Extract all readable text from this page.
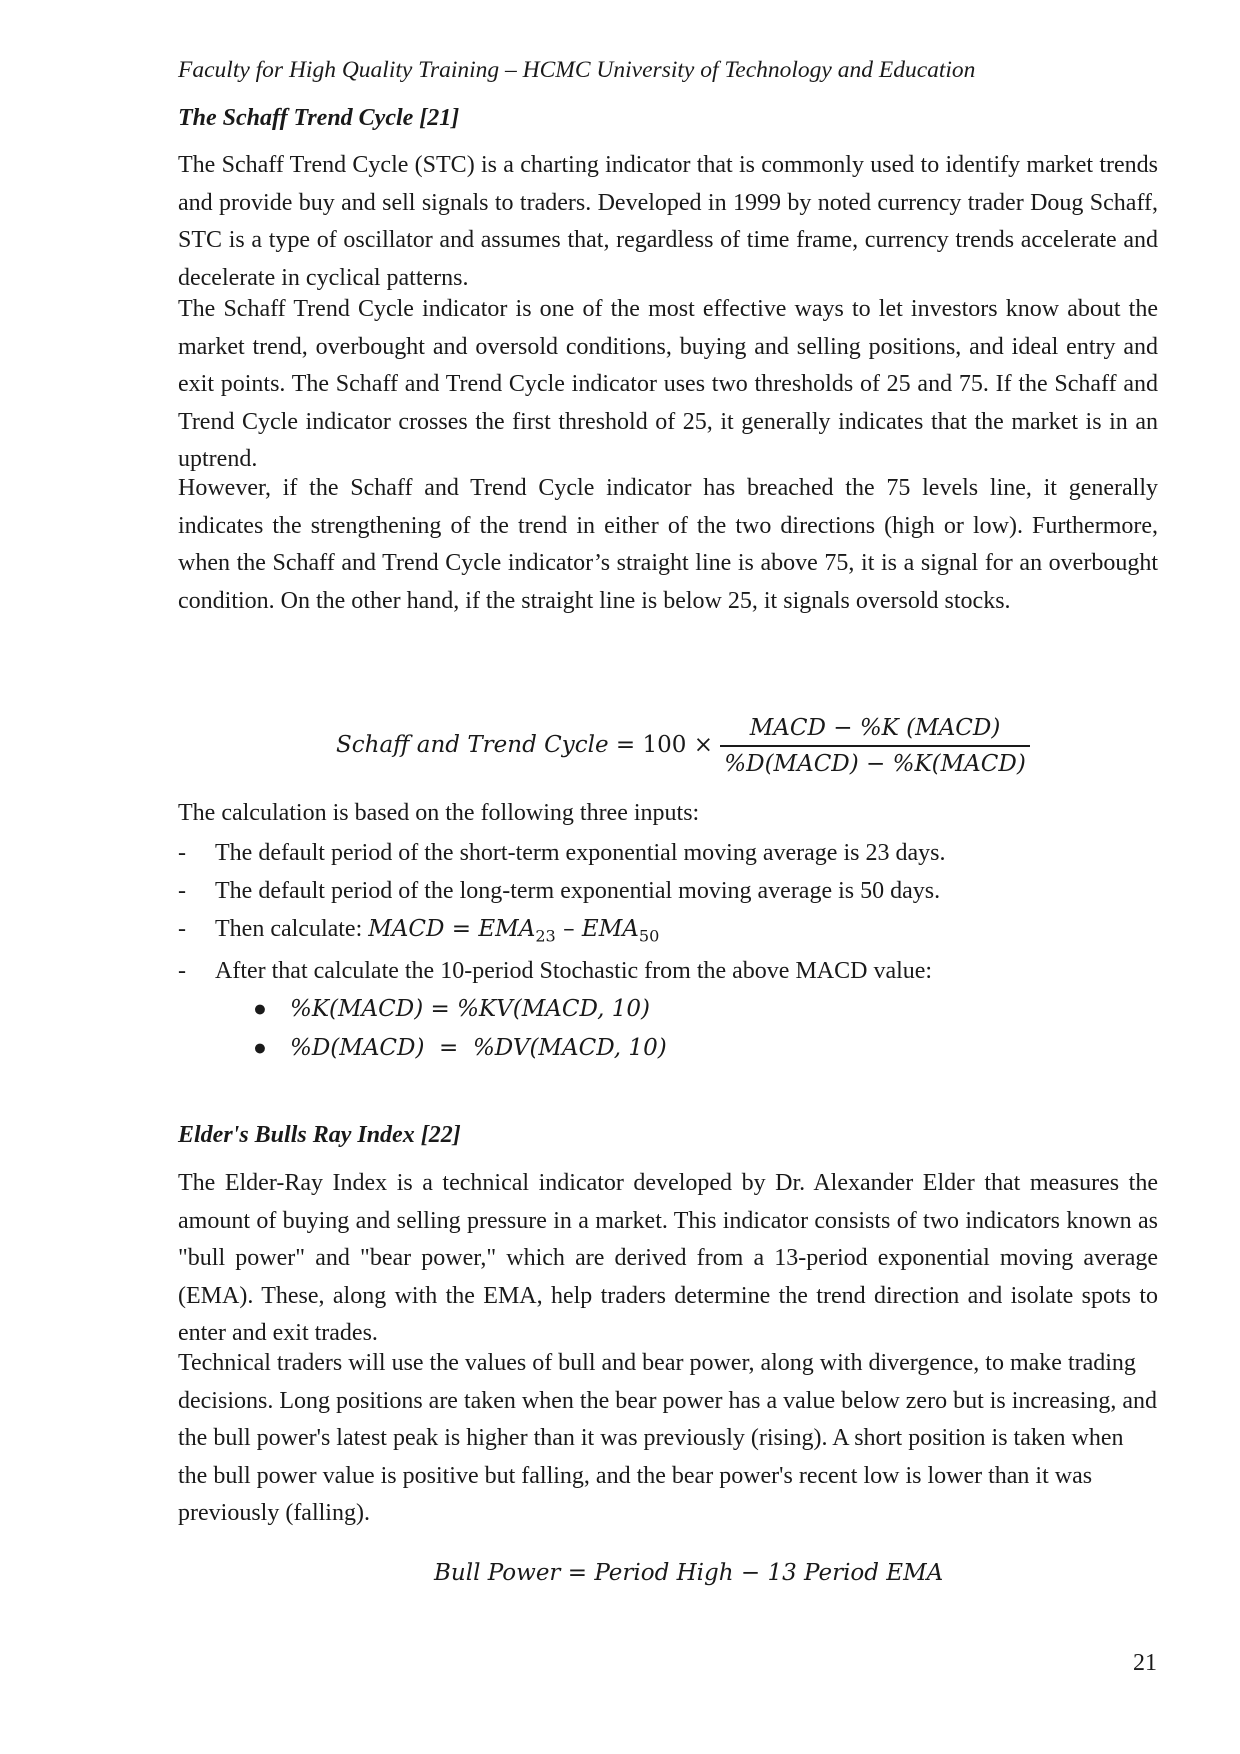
Faculty for High Quality Training – HCMC University of Technology and Education
The Schaff Trend Cycle [21]
The Schaff Trend Cycle (STC) is a charting indicator that is commonly used to identify market trends and provide buy and sell signals to traders. Developed in 1999 by noted currency trader Doug Schaff, STC is a type of oscillator and assumes that, regardless of time frame, currency trends accelerate and decelerate in cyclical patterns.
The Schaff Trend Cycle indicator is one of the most effective ways to let investors know about the market trend, overbought and oversold conditions, buying and selling positions, and ideal entry and exit points. The Schaff and Trend Cycle indicator uses two thresholds of 25 and 75. If the Schaff and Trend Cycle indicator crosses the first threshold of 25, it generally indicates that the market is in an uptrend.
However, if the Schaff and Trend Cycle indicator has breached the 75 levels line, it generally indicates the strengthening of the trend in either of the two directions (high or low). Furthermore, when the Schaff and Trend Cycle indicator’s straight line is above 75, it is a signal for an overbought condition. On the other hand, if the straight line is below 25, it signals oversold stocks.
Schaff and Trend Cycle = $100 \times \frac{\text{MACD − \%K (MACD)}}{\text{\%D(MACD) − \%K(MACD)}}$
The calculation is based on the following three inputs:
- The default period of the short-term exponential moving average is 23 days.
- The default period of the long-term exponential moving average is 50 days.
- Then calculate: MACD = $EMA_{23} - EMA_{50}$
- After that calculate the 10-period Stochastic from the above MACD value:
● %K(MACD) = %KV(MACD, 10)
● %D(MACD)  =  %DV(MACD, 10)
Elder's Bulls Ray Index [22]
The Elder-Ray Index is a technical indicator developed by Dr. Alexander Elder that measures the amount of buying and selling pressure in a market. This indicator consists of two indicators known as "bull power" and "bear power," which are derived from a 13-period exponential moving average (EMA). These, along with the EMA, help traders determine the trend direction and isolate spots to enter and exit trades.
Technical traders will use the values of bull and bear power, along with divergence, to make trading decisions. Long positions are taken when the bear power has a value below zero but is increasing, and the bull power's latest peak is higher than it was previously (rising). A short position is taken when the bull power value is positive but falling, and the bear power's recent low is lower than it was previously (falling).
Bull Power = Period High − 13 Period EMA
21
